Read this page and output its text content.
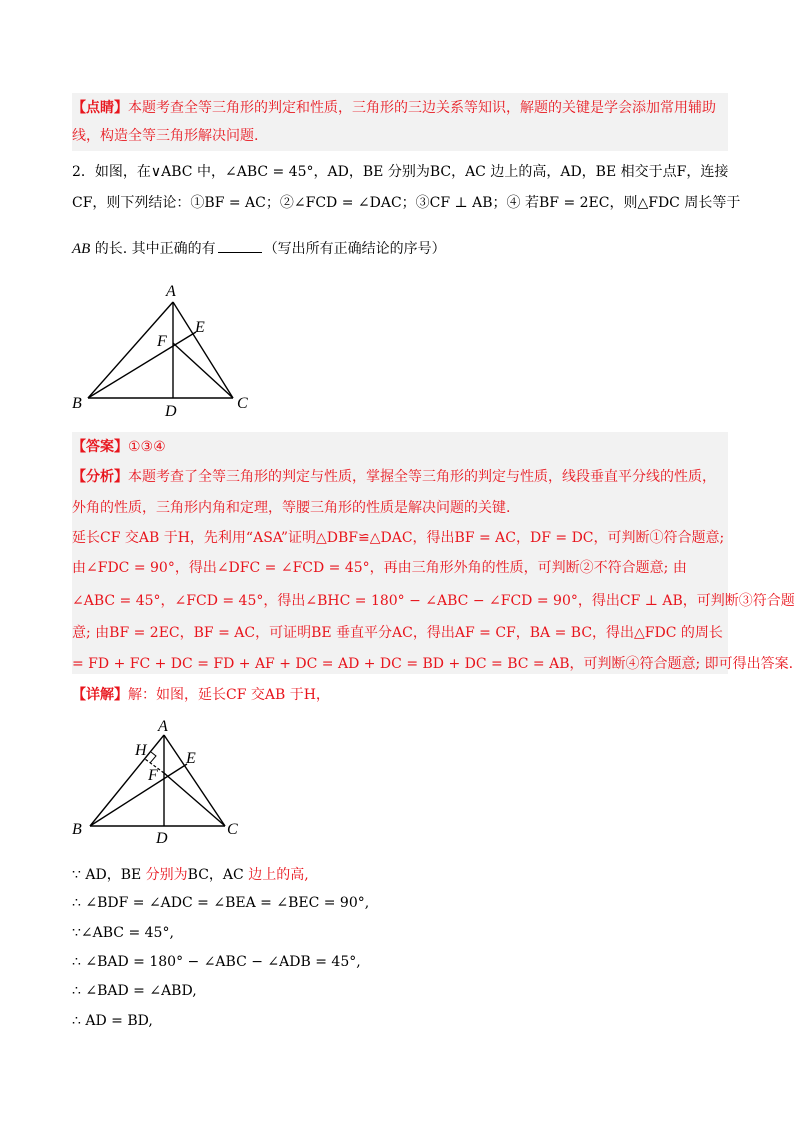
【点睛】本题考查全等三角形的判定和性质，三角形的三边关系等知识，解题的关键是学会添加常用辅助
线，构造全等三角形解决问题.
2．如图，在∨ABC 中，∠ABC = 45°，AD，BE 分别为BC，AC 边上的高，AD，BE 相交于点F，连接
CF，则下列结论：①BF = AC；②∠FCD = ∠DAC；③CF ⊥ AB；④ 若BF = 2EC，则△FDC 周长等于
AB 的长. 其中正确的有	（写出所有正确结论的序号）
A
E
F
B	D	C
【答案】①③④
【分析】本题考查了全等三角形的判定与性质，掌握全等三角形的判定与性质，线段垂直平分线的性质，
外角的性质，三角形内角和定理，等腰三角形的性质是解决问题的关键.
延长CF 交AB 于H，先利用“ASA”证明△DBF≌△DAC，得出BF = AC，DF = DC，可判断①符合题意;
由∠FDC = 90°，得出∠DFC = ∠FCD = 45°，再由三角形外角的性质，可判断②不符合题意; 由
∠ABC = 45°，∠FCD = 45°，得出∠BHC = 180° − ∠ABC − ∠FCD = 90°，得出CF ⊥ AB，可判断③符合题
意; 由BF = 2EC，BF = AC，可证明BE 垂直平分AC，得出AF = CF，BA = BC，得出△FDC 的周长
= FD + FC + DC = FD + AF + DC = AD + DC = BD + DC = BC = AB，可判断④符合题意; 即可得出答案.
【详解】解：如图，延长CF 交AB 于H，
A
H E
F
B
D
C
∵ AD，BE 分别为BC，AC 边上的高,
∴ ∠BDF = ∠ADC = ∠BEA = ∠BEC = 90°,
∵∠ABC = 45°,
∴ ∠BAD = 180° − ∠ABC − ∠ADB = 45°,
∴ ∠BAD = ∠ABD,
∴ AD = BD,
